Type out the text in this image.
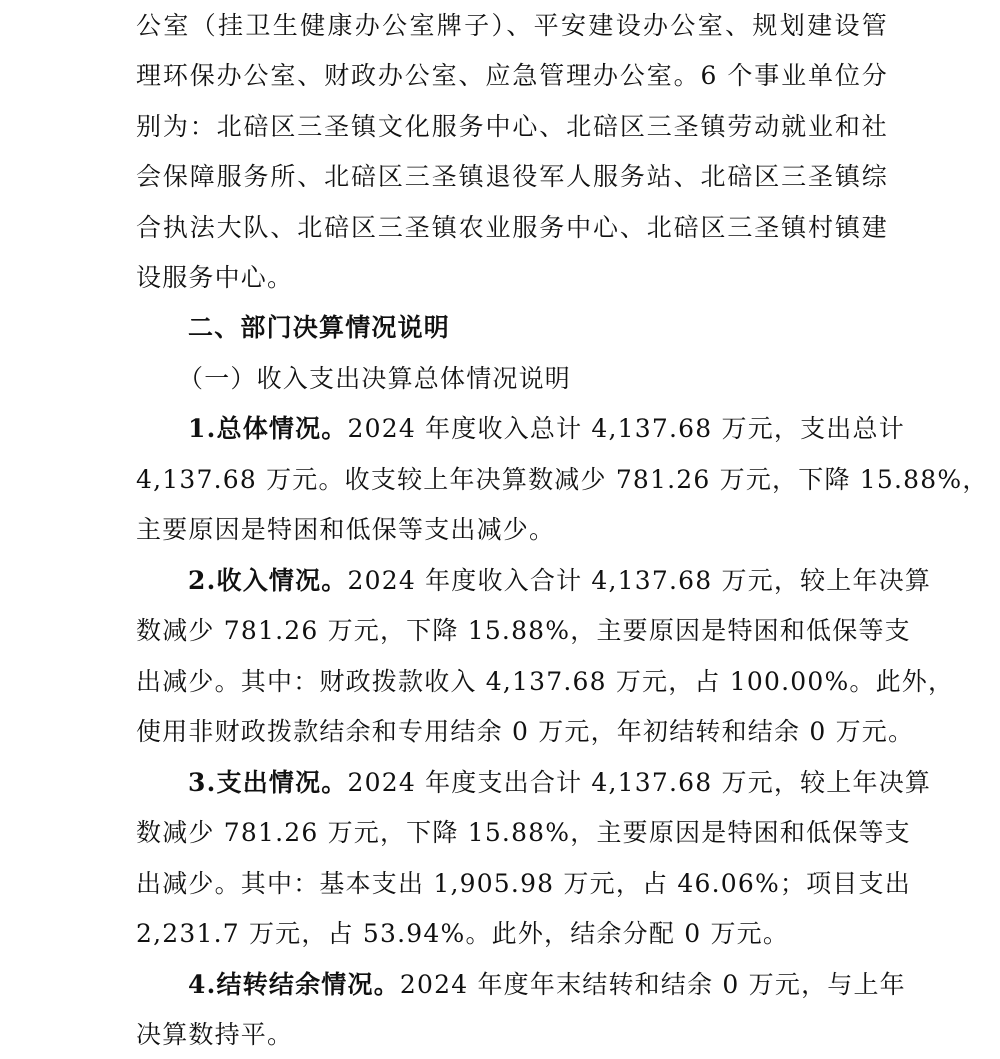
公室（挂卫生健康办公室牌子）、平安建设办公室、规划建设管
理环保办公室、财政办公室、应急管理办公室。6 个事业单位分
别为：北碚区三圣镇文化服务中心、北碚区三圣镇劳动就业和社
会保障服务所、北碚区三圣镇退役军人服务站、北碚区三圣镇综
合执法大队、北碚区三圣镇农业服务中心、北碚区三圣镇村镇建
设服务中心。
二、部门决算情况说明
（一）收入支出决算总体情况说明
1.总体情况。2024 年度收入总计 4,137.68 万元，支出总计
4,137.68 万元。收支较上年决算数减少 781.26 万元，下降 15.88%，
主要原因是特困和低保等支出减少。
2.收入情况。2024 年度收入合计 4,137.68 万元，较上年决算
数减少 781.26 万元，下降 15.88%，主要原因是特困和低保等支
出减少。其中：财政拨款收入 4,137.68 万元，占 100.00%。此外，
使用非财政拨款结余和专用结余 0 万元，年初结转和结余 0 万元。
3.支出情况。2024 年度支出合计 4,137.68 万元，较上年决算
数减少 781.26 万元，下降 15.88%，主要原因是特困和低保等支
出减少。其中：基本支出 1,905.98 万元，占 46.06%；项目支出
2,231.7 万元，占 53.94%。此外，结余分配 0 万元。
4.结转结余情况。2024 年度年末结转和结余 0 万元，与上年
决算数持平。
